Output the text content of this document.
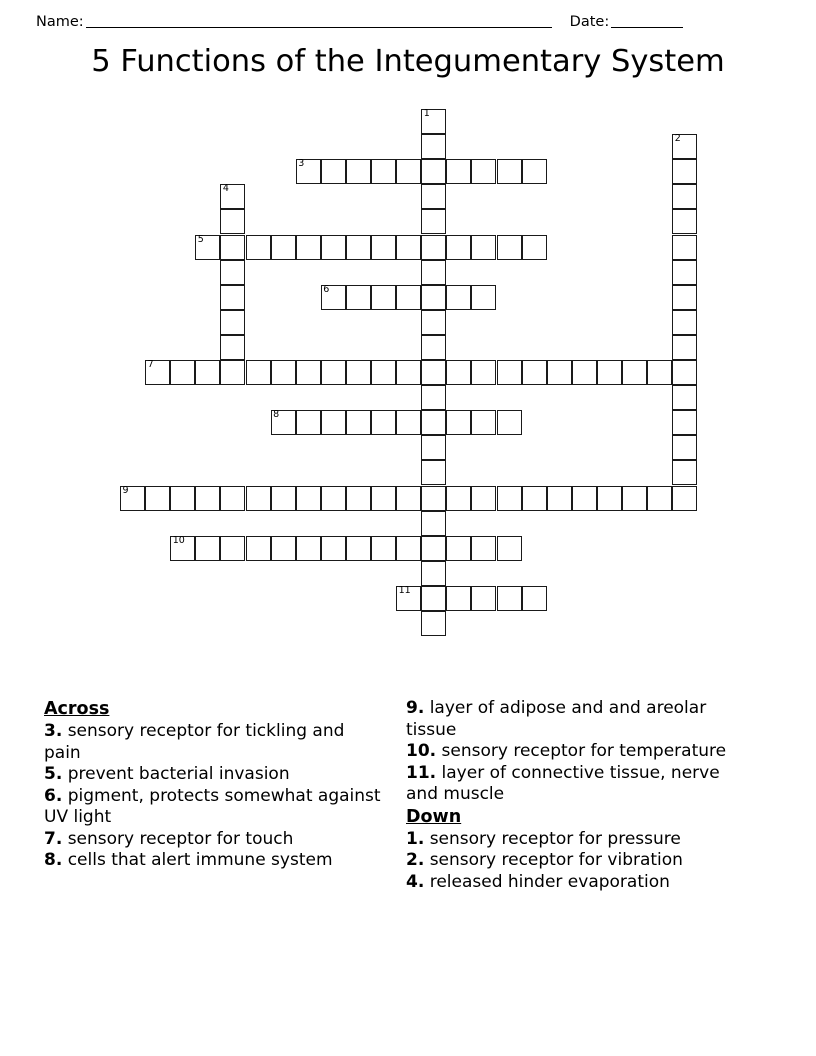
Name:	Date:
5 Functions of the Integumentary System
1
2
3
4
5
6
7
8
9
10
11
Across
3. sensory receptor for tickling and pain
5. prevent bacterial invasion
6. pigment, protects somewhat against UV light
7. sensory receptor for touch
8. cells that alert immune system
9. layer of adipose and and areolar tissue
10. sensory receptor for temperature
11. layer of connective tissue, nerve and muscle
Down
1. sensory receptor for pressure
2. sensory receptor for vibration
4. released hinder evaporation
